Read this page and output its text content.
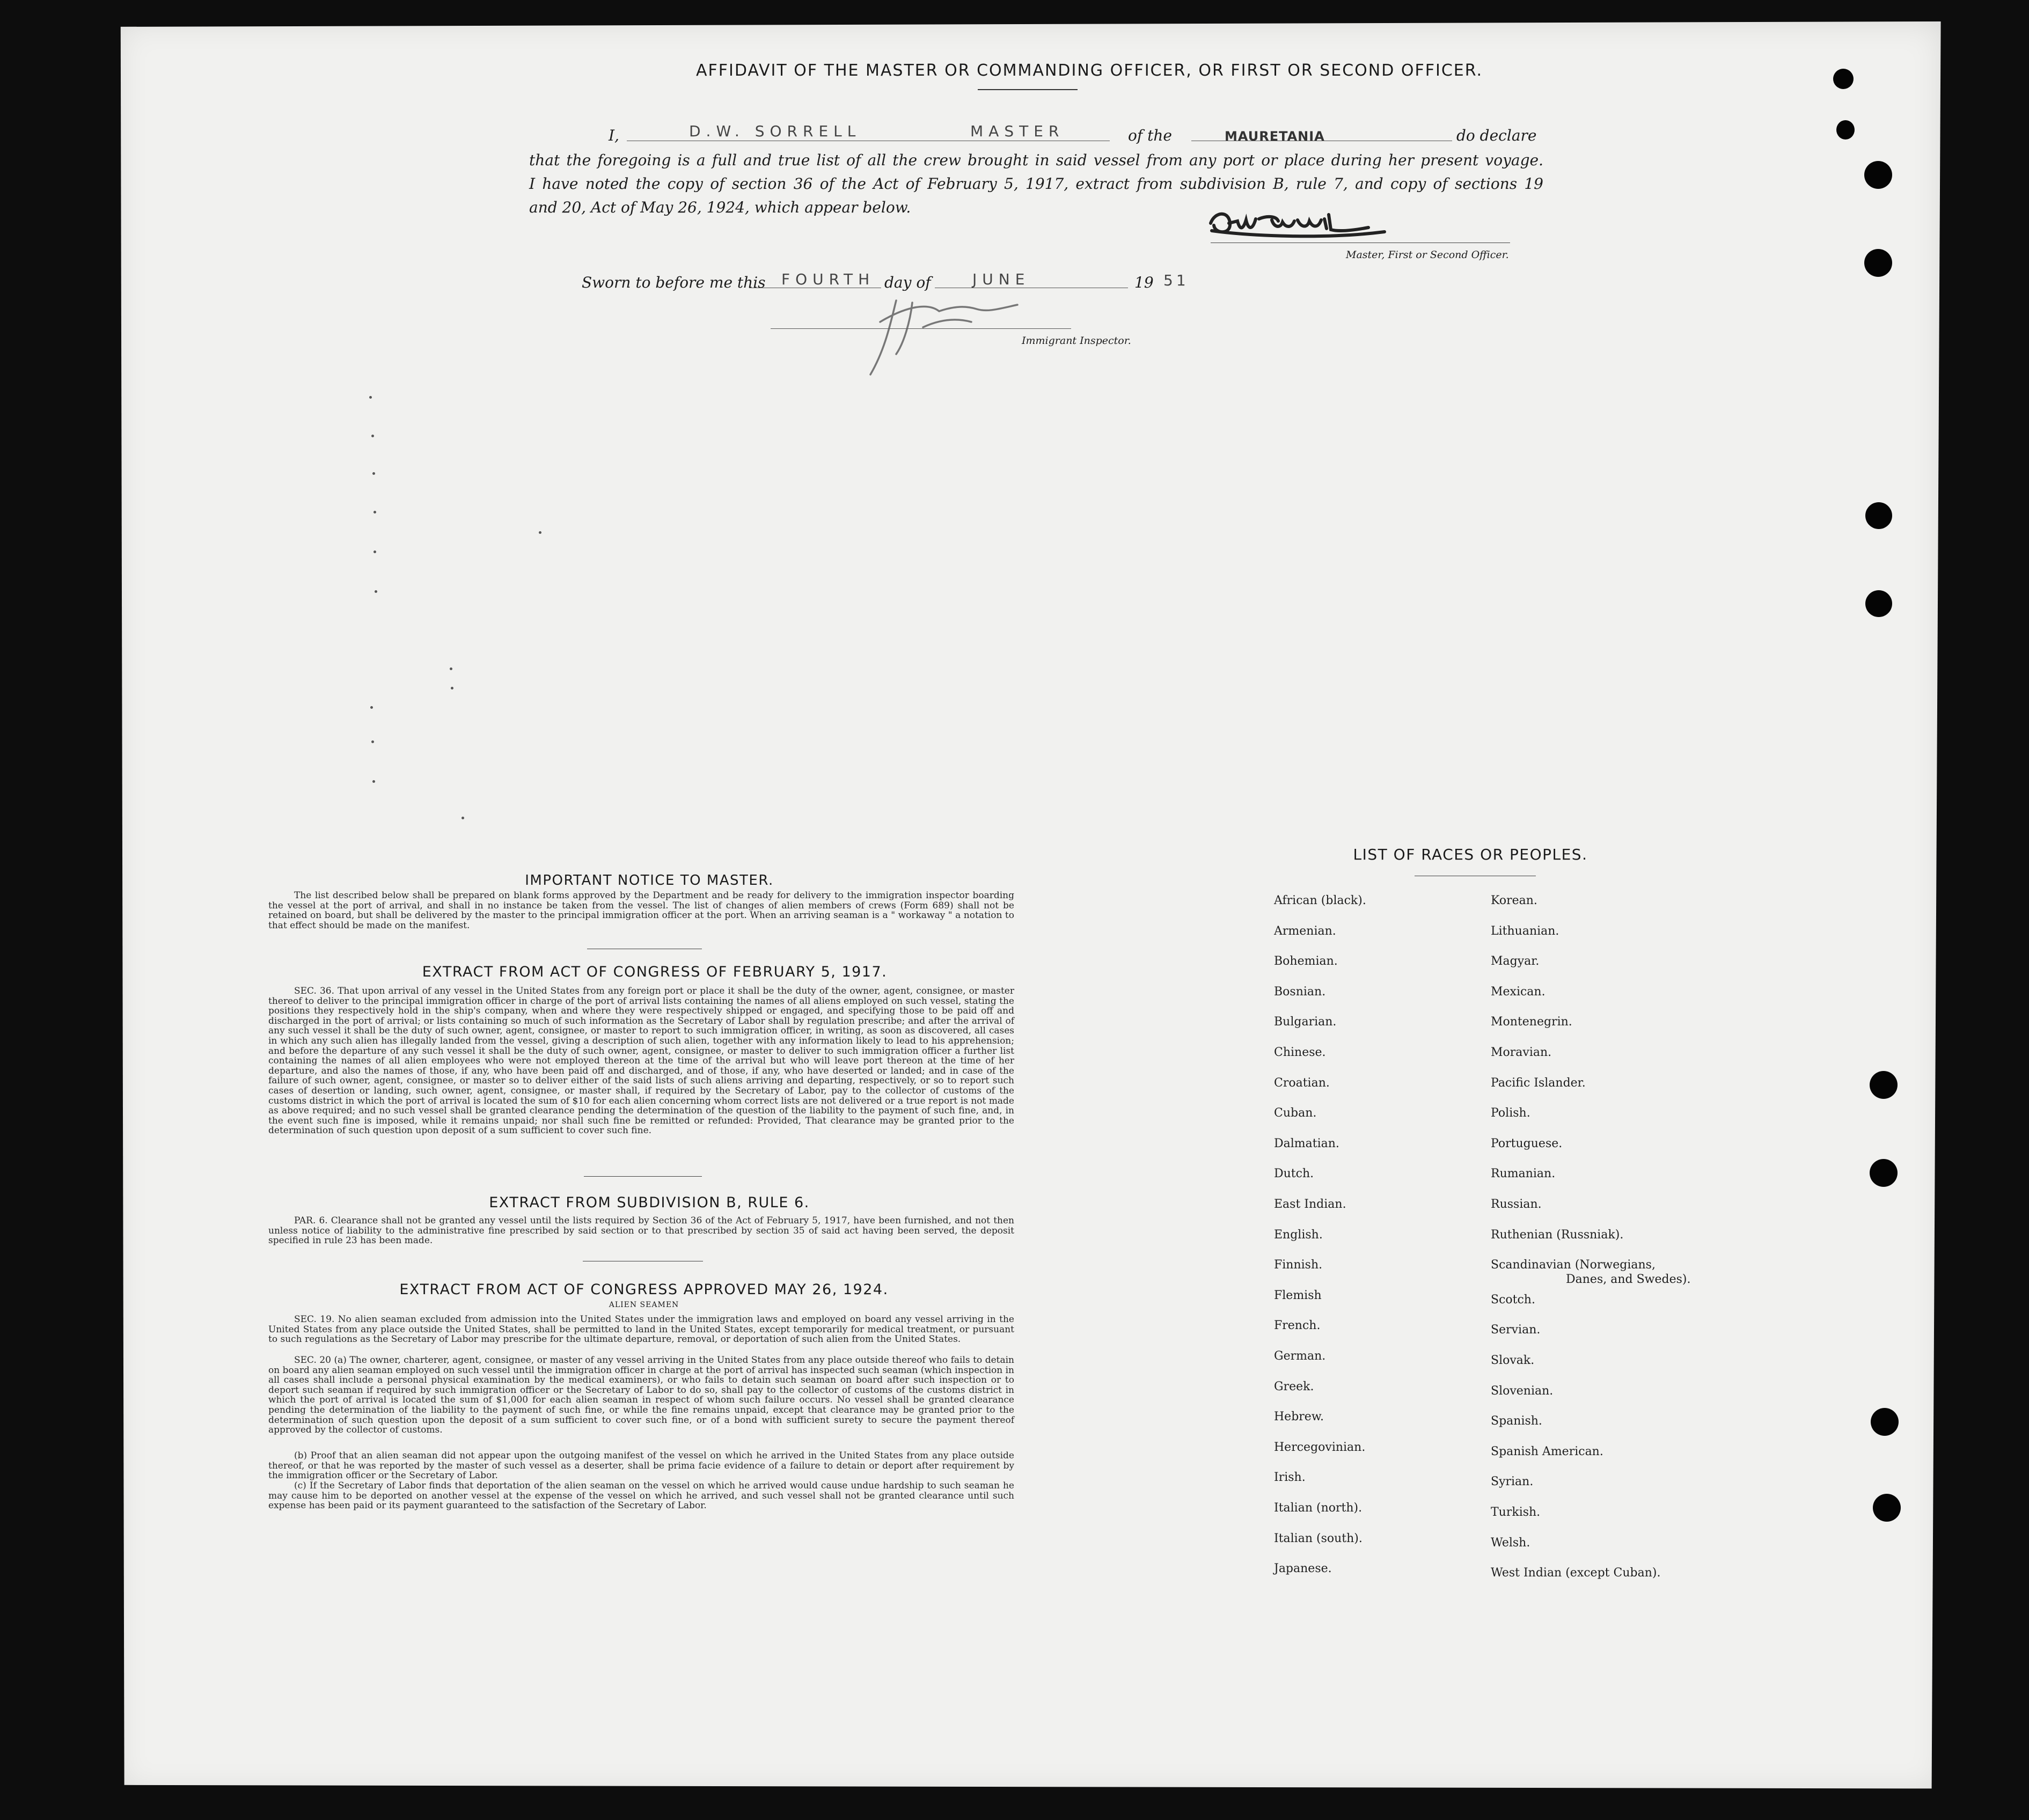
AFFIDAVIT OF THE MASTER OR COMMANDING OFFICER, OR FIRST OR SECOND OFFICER.
I,	D.W. SORRELL	MASTER	of the	MAURETANIA	do declare
that the foregoing is a full and true list of all the crew brought in said vessel from any port or place during her present voyage.
I have noted the copy of section 36 of the Act of February 5, 1917, extract from subdivision B, rule 7, and copy of sections 19
and 20, Act of May 26, 1924, which appear below.
Master, First or Second Officer.
Sworn to before me this FOURTH day of	JUNE	19 51
Immigrant Inspector.
IMPORTANT NOTICE TO MASTER.
The list described below shall be prepared on blank forms approved by the Department and be ready for delivery to the immigration inspector boarding the vessel at the port of arrival, and shall in no instance be taken from the vessel. The list of changes of alien members of crews (Form 689) shall not be retained on board, but shall be delivered by the master to the principal immigration officer at the port. When an arriving seaman is a " workaway " a notation to that effect should be made on the manifest.
EXTRACT FROM ACT OF CONGRESS OF FEBRUARY 5, 1917.
SEC. 36. That upon arrival of any vessel in the United States from any foreign port or place it shall be the duty of the owner, agent, consignee, or master thereof to deliver to the principal immigration officer in charge of the port of arrival lists containing the names of all aliens employed on such vessel, stating the positions they respectively hold in the ship's company, when and where they were respectively shipped or engaged, and specifying those to be paid off and discharged in the port of arrival; or lists containing so much of such information as the Secretary of Labor shall by regulation prescribe; and after the arrival of any such vessel it shall be the duty of such owner, agent, consignee, or master to report to such immigration officer, in writing, as soon as discovered, all cases in which any such alien has illegally landed from the vessel, giving a description of such alien, together with any information likely to lead to his apprehension; and before the departure of any such vessel it shall be the duty of such owner, agent, consignee, or master to deliver to such immigration officer a further list containing the names of all alien employees who were not employed thereon at the time of the arrival but who will leave port thereon at the time of her departure, and also the names of those, if any, who have been paid off and discharged, and of those, if any, who have deserted or landed; and in case of the failure of such owner, agent, consignee, or master so to deliver either of the said lists of such aliens arriving and departing, respectively, or so to report such cases of desertion or landing, such owner, agent, consignee, or master shall, if required by the Secretary of Labor, pay to the collector of customs of the customs district in which the port of arrival is located the sum of $10 for each alien concerning whom correct lists are not delivered or a true report is not made as above required; and no such vessel shall be granted clearance pending the determination of the question of the liability to the payment of such fine, and, in the event such fine is imposed, while it remains unpaid; nor shall such fine be remitted or refunded: Provided, That clearance may be granted prior to the determination of such question upon deposit of a sum sufficient to cover such fine.
EXTRACT FROM SUBDIVISION B, RULE 6.
PAR. 6. Clearance shall not be granted any vessel until the lists required by Section 36 of the Act of February 5, 1917, have been furnished, and not then unless notice of liability to the administrative fine prescribed by said section or to that prescribed by section 35 of said act having been served, the deposit specified in rule 23 has been made.
EXTRACT FROM ACT OF CONGRESS APPROVED MAY 26, 1924.
ALIEN SEAMEN
SEC. 19. No alien seaman excluded from admission into the United States under the immigration laws and employed on board any vessel arriving in the United States from any place outside the United States, shall be permitted to land in the United States, except temporarily for medical treatment, or pursuant to such regulations as the Secretary of Labor may prescribe for the ultimate departure, removal, or deportation of such alien from the United States.
SEC. 20 (a) The owner, charterer, agent, consignee, or master of any vessel arriving in the United States from any place outside thereof who fails to detain on board any alien seaman employed on such vessel until the immigration officer in charge at the port of arrival has inspected such seaman (which inspection in all cases shall include a personal physical examination by the medical examiners), or who fails to detain such seaman on board after such inspection or to deport such seaman if required by such immigration officer or the Secretary of Labor to do so, shall pay to the collector of customs of the customs district in which the port of arrival is located the sum of $1,000 for each alien seaman in respect of whom such failure occurs. No vessel shall be granted clearance pending the determination of the liability to the payment of such fine, or while the fine remains unpaid, except that clearance may be granted prior to the determination of such question upon the deposit of a sum sufficient to cover such fine, or of a bond with sufficient surety to secure the payment thereof approved by the collector of customs.
(b) Proof that an alien seaman did not appear upon the outgoing manifest of the vessel on which he arrived in the United States from any place outside thereof, or that he was reported by the master of such vessel as a deserter, shall be prima facie evidence of a failure to detain or deport after requirement by the immigration officer or the Secretary of Labor.
(c) If the Secretary of Labor finds that deportation of the alien seaman on the vessel on which he arrived would cause undue hardship to such seaman he may cause him to be deported on another vessel at the expense of the vessel on which he arrived, and such vessel shall not be granted clearance until such expense has been paid or its payment guaranteed to the satisfaction of the Secretary of Labor.
LIST OF RACES OR PEOPLES.
African (black).
Armenian.
Bohemian.
Bosnian.
Bulgarian.
Chinese.
Croatian.
Cuban.
Dalmatian.
Dutch.
East Indian.
English.
Finnish.
Flemish
French.
German.
Greek.
Hebrew.
Hercegovinian.
Irish.
Italian (north).
Italian (south).
Japanese.
Korean.
Lithuanian.
Magyar.
Mexican.
Montenegrin.
Moravian.
Pacific Islander.
Polish.
Portuguese.
Rumanian.
Russian.
Ruthenian (Russniak).
Scandinavian (Norwegians,
Scotch.
Servian.
Slovak.
Slovenian.
Spanish.
Spanish American.
Syrian.
Turkish.
Welsh.
West Indian (except Cuban).
Danes, and Swedes).
